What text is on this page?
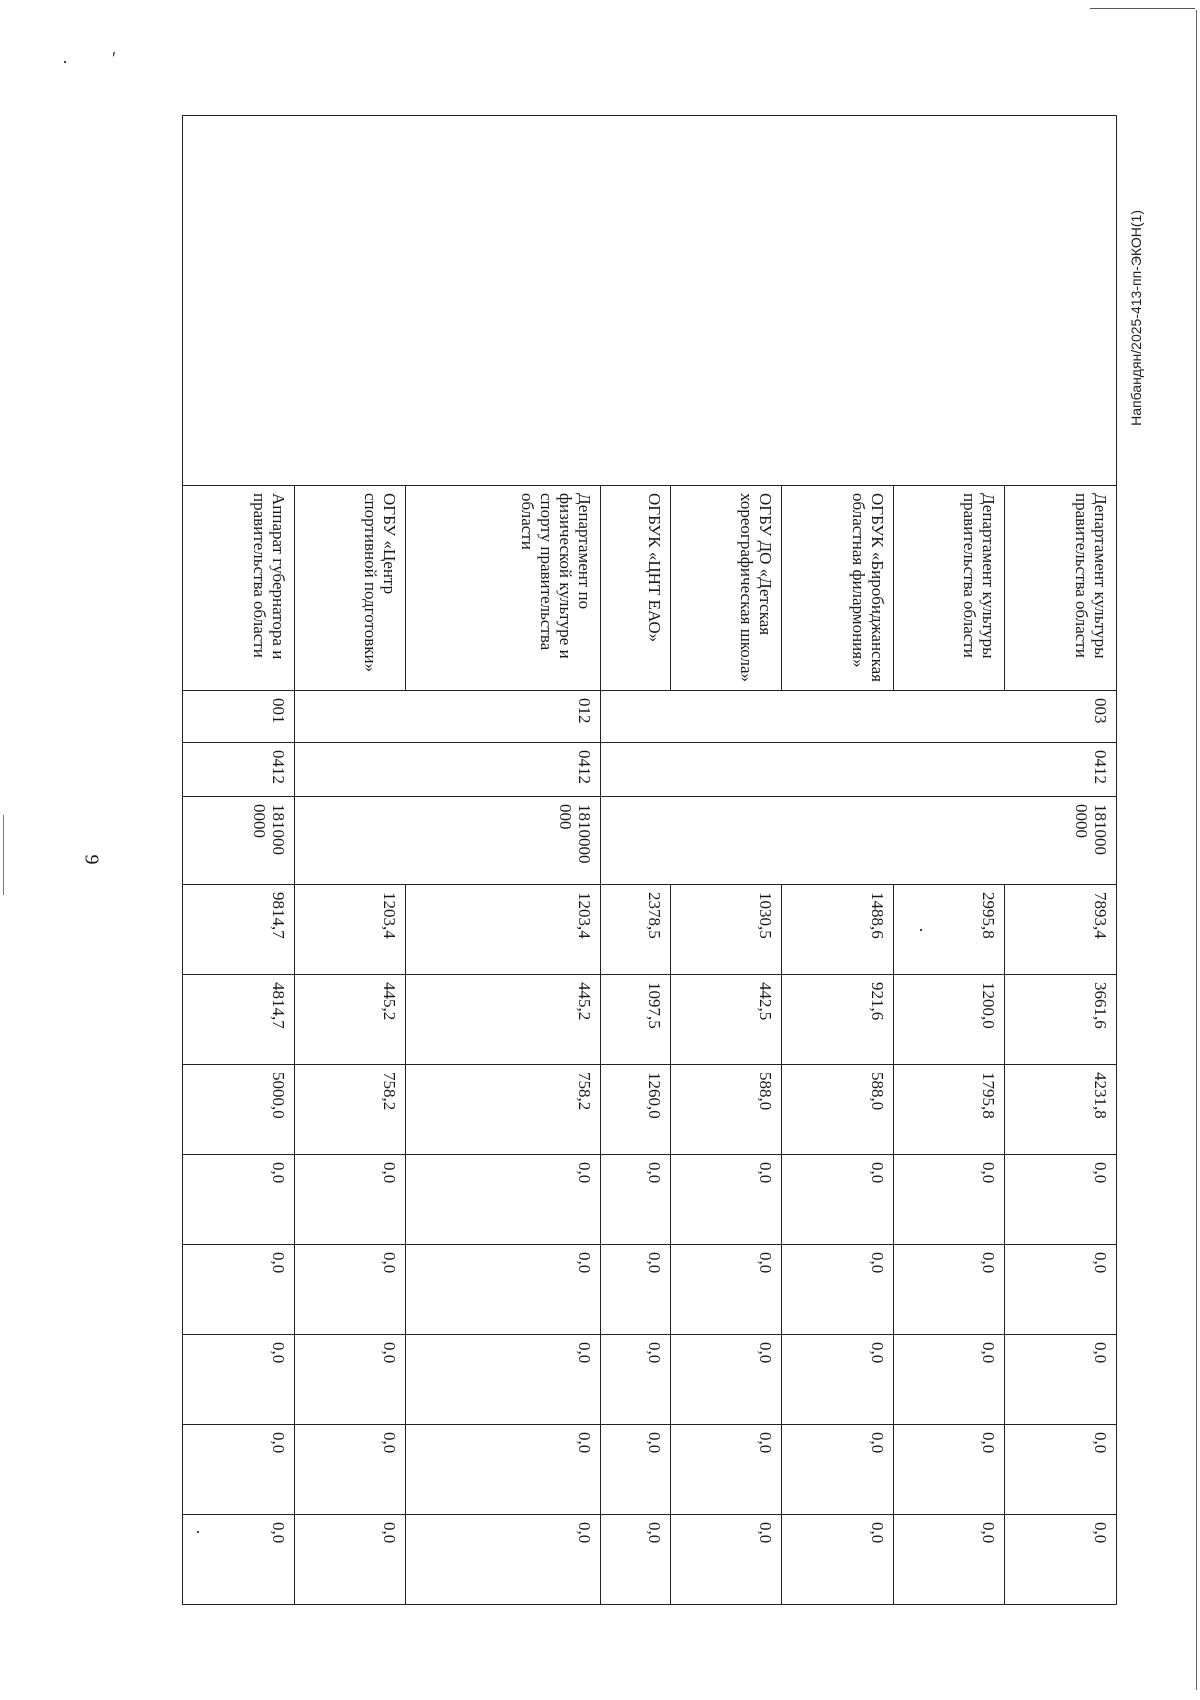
· ʹ
·
·
9
Напбандян/2025-413-пп-ЭКОН(1)
	Департамент культуры правительства области	003	0412	181000 0000	7893,4	3661,6	4231,8	0,0	0,0	0,0	0,0	0,0
	Департамент культуры правительства области				2995,8	1200,0	1795,8	0,0	0,0	0,0	0,0	0,0
	ОГБУК «Биробиджанская областная филармония»				1488,6	921,6	588,0	0,0	0,0	0,0	0,0	0,0
	ОГБУ ДО «Детская хореографическая школа»				1030,5	442,5	588,0	0,0	0,0	0,0	0,0	0,0
	ОГБУК «ЦНТ ЕАО»				2378,5	1097,5	1260,0	0,0	0,0	0,0	0,0	0,0
	Департамент по физической культуре и спорту правительства области	012	0412	1810000 000	1203,4	445,2	758,2	0,0	0,0	0,0	0,0	0,0
	ОГБУ «Центр спортивной подготовки»				1203,4	445,2	758,2	0,0	0,0	0,0	0,0	0,0
	Аппарат губернатора и правительства области	001	0412	181000 0000	9814,7	4814,7	5000,0	0,0	0,0	0,0	0,0	0,0
